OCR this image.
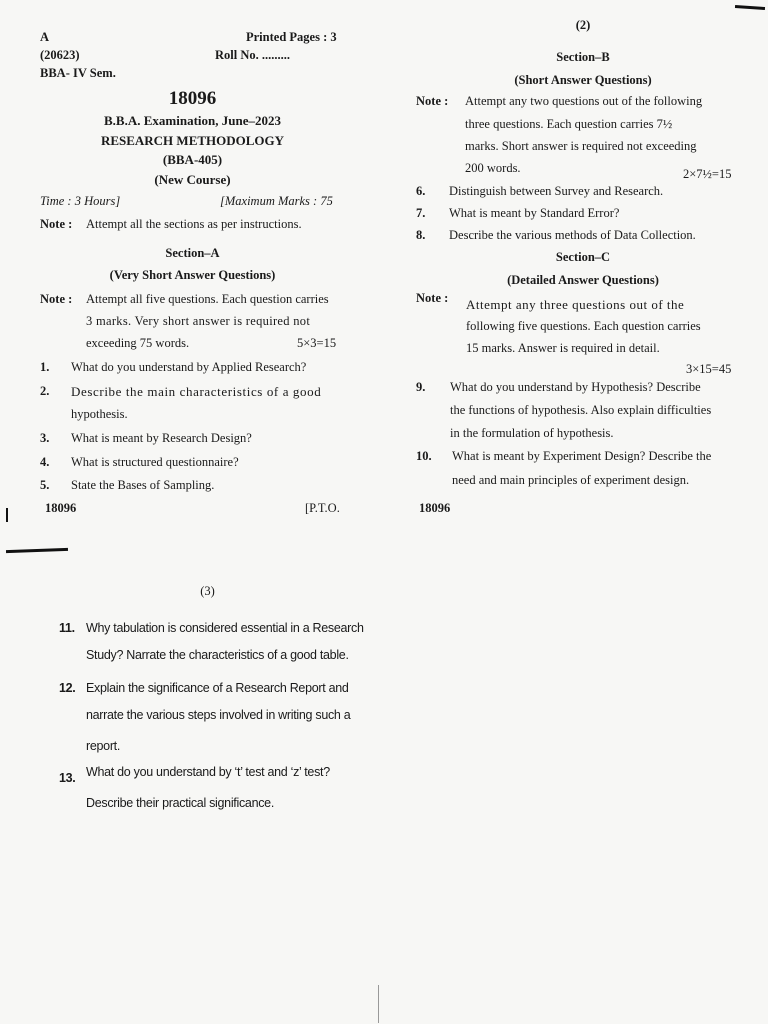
A	Printed Pages : 3
(20623)	Roll No. .........
BBA- IV Sem.
18096
B.B.A. Examination, June–2023
RESEARCH METHODOLOGY
(BBA-405)
(New Course)
Time : 3 Hours]	[Maximum Marks : 75
Note : Attempt all the sections as per instructions.
Section–A
(Very Short Answer Questions)
Note : Attempt all five questions. Each question carries
3 marks. Very short answer is required not
exceeding 75 words.	5×3=15
1. What do you understand by Applied Research?
2. Describe the main characteristics of a good
hypothesis.
3. What is meant by Research Design?
4. What is structured questionnaire?
5. State the Bases of Sampling.
18096	[P.T.O.
(2)
Section–B
(Short Answer Questions)
Note : Attempt any two questions out of the following
three questions. Each question carries 7½
marks. Short answer is required not exceeding
200 words.	2×7½=15
6. Distinguish between Survey and Research.
7. What is meant by Standard Error?
8. Describe the various methods of Data Collection.
Section–C
(Detailed Answer Questions)
Note : Attempt any three questions out of the
following five questions. Each question carries
15 marks. Answer is required in detail.
3×15=45
9. What do you understand by Hypothesis? Describe
the functions of hypothesis. Also explain difficulties
in the formulation of hypothesis.
10. What is meant by Experiment Design? Describe the
need and main principles of experiment design.
18096
(3)
11. Why tabulation is considered essential in a Research
Study? Narrate the characteristics of a good table.
12. Explain the significance of a Research Report and
narrate the various steps involved in writing such a
report.
13. What do you understand by ‘t’ test and ‘z’ test?
Describe their practical significance.
